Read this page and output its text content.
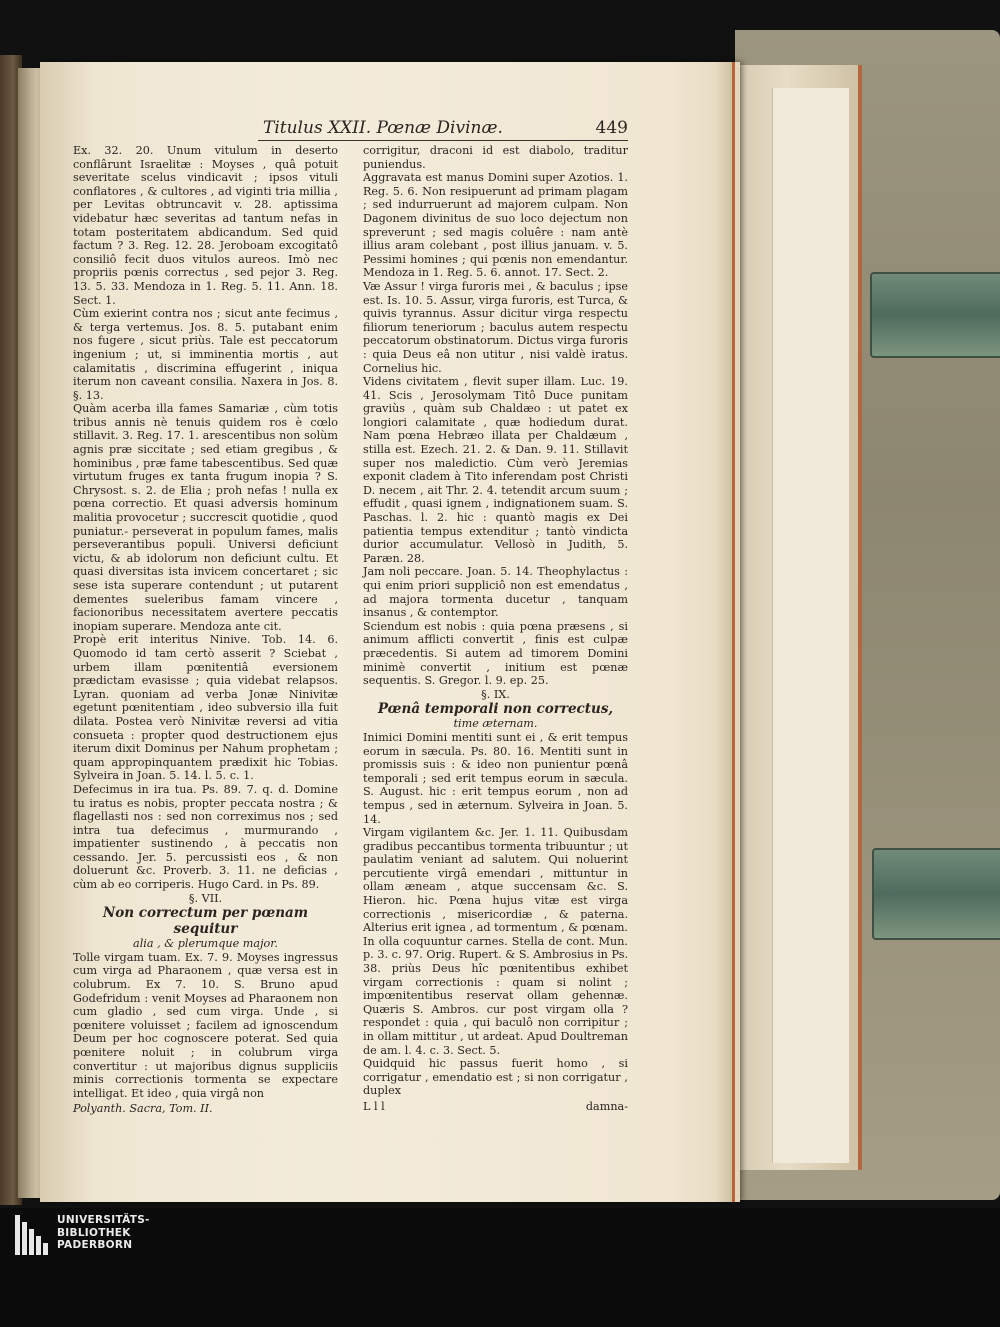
Titulus XXII. Pœnæ Divinæ.	449

Ex. 32. 20. Unum vitulum in deserto conflârunt Israelitæ : Moyses , quâ potuit severitate scelus vindicavit ; ipsos vituli conflatores , & cultores , ad viginti tria millia , per Levitas obtruncavit v. 28. aptissima videbatur hæc severitas ad tantum nefas in totam posteritatem abdicandum. Sed quid factum ? 3. Reg. 12. 28. Jeroboam excogitatô consiliô fecit duos vitulos aureos. Imò nec propriis pœnis correctus , sed pejor 3. Reg. 13. 5. 33. Mendoza in 1. Reg. 5. 11. Ann. 18. Sect. 1.

Cùm exierint contra nos ; sicut ante fecimus , & terga vertemus. Jos. 8. 5. putabant enim nos fugere , sicut priùs. Tale est peccatorum ingenium ; ut, si imminentia mortis , aut calamitatis , discrimina effugerint , iniqua iterum non caveant consilia. Naxera in Jos. 8. §. 13.

Quàm acerba illa fames Samariæ , cùm totis tribus annis nè tenuis quidem ros è cœlo stillavit. 3. Reg. 17. 1. arescentibus non solùm agnis præ siccitate ; sed etiam gregibus , & hominibus , præ fame tabescentibus. Sed quæ virtutum fruges ex tanta frugum inopia ? S. Chrysost. s. 2. de Elia ; proh nefas ! nulla ex pœna correctio. Et quasi adversis hominum malitia provocetur ; succrescit quotidie , quod puniatur.- perseverat in populum fames, malis perseverantibus populi. Universi deficiunt victu, & ab idolorum non deficiunt cultu. Et quasi diversitas ista invicem concertaret ; sic sese ista superare contendunt ; ut putarent dementes sueleribus famam vincere , facionoribus necessitatem avertere peccatis inopiam superare. Mendoza ante cit.

Propè erit interitus Ninive. Tob. 14. 6. Quomodo id tam certò asserit ? Sciebat , urbem illam pœnitentiâ eversionem prædictam evasisse ; quia videbat relapsos. Lyran. quoniam ad verba Jonæ Ninivitæ egetunt pœnitentiam , ideo subversio illa fuit dilata. Postea verò Ninivitæ reversi ad vitia consueta : propter quod destructionem ejus iterum dixit Dominus per Nahum prophetam ; quam appropinquantem prædixit hic Tobias. Sylveira in Joan. 5. 14. l. 5. c. 1.

Defecimus in ira tua. Ps. 89. 7. q. d. Domine tu iratus es nobis, propter peccata nostra ; & flagellasti nos : sed non correximus nos ; sed intra tua defecimus , murmurando , impatienter sustinendo , à peccatis non cessando. Jer. 5. percussisti eos , & non doluerunt &c. Proverb. 3. 11. ne deficias , cùm ab eo corriperis. Hugo Card. in Ps. 89.

§. VII.

Non correctum per pœnam sequitur

alia , & plerumque major.

Tolle virgam tuam. Ex. 7. 9. Moyses ingressus cum virga ad Pharaonem , quæ versa est in colubrum. Ex 7. 10. S. Bruno apud Godefridum : venit Moyses ad Pharaonem non cum gladio , sed cum virga. Unde , si pœnitere voluisset ; facilem ad ignoscendum Deum per hoc cognoscere poterat. Sed quia pœnitere noluit ; in colubrum virga convertitur : ut majoribus dignus suppliciis minis correctionis tormenta se expectare intelligat. Et ideo , quia virgâ non

Polyanth. Sacra, Tom. II.

corrigitur, draconi id est diabolo, traditur puniendus.

Aggravata est manus Domini super Azotios. 1. Reg. 5. 6. Non resipuerunt ad primam plagam ; sed indurruerunt ad majorem culpam. Non Dagonem divinitus de suo loco dejectum non spreverunt ; sed magis coluêre : nam antè illius aram colebant , post illius januam. v. 5. Pessimi homines ; qui pœnis non emendantur. Mendoza in 1. Reg. 5. 6. annot. 17. Sect. 2.

Væ Assur ! virga furoris mei , & baculus ; ipse est. Is. 10. 5. Assur, virga furoris, est Turca, & quivis tyrannus. Assur dicitur virga respectu filiorum teneriorum ; baculus autem respectu peccatorum obstinatorum. Dictus virga furoris : quia Deus eâ non utitur , nisi valdè iratus. Cornelius hic.

Videns civitatem , flevit super illam. Luc. 19. 41. Scis , Jerosolymam Titô Duce punitam graviùs , quàm sub Chaldæo : ut patet ex longiori calamitate , quæ hodiedum durat. Nam pœna Hebræo illata per Chaldæum , stilla est. Ezech. 21. 2. & Dan. 9. 11. Stillavit super nos maledictio. Cùm verò Jeremias exponit cladem à Tito inferendam post Christi D. necem , ait Thr. 2. 4. tetendit arcum suum ; effudit , quasi ignem , indignationem suam. S. Paschas. l. 2. hic : quantò magis ex Dei patientia tempus extenditur ; tantò vindicta durior accumulatur. Vellosò in Judith, 5. Paræn. 28.

Jam noli peccare. Joan. 5. 14. Theophylactus : qui enim priori suppliciô non est emendatus , ad majora tormenta ducetur , tanquam insanus , & contemptor.

Sciendum est nobis : quia pœna præsens , si animum afflicti convertit , finis est culpæ præcedentis. Si autem ad timorem Domini minimè convertit , initium est pœnæ sequentis. S. Gregor. l. 9. ep. 25.

§. IX.

Pœnâ temporali non correctus,

time æternam.

Inimici Domini mentiti sunt ei , & erit tempus eorum in sæcula. Ps. 80. 16. Mentiti sunt in promissis suis : & ideo non punientur pœnâ temporali ; sed erit tempus eorum in sæcula. S. August. hic : erit tempus eorum , non ad tempus , sed in æternum. Sylveira in Joan. 5. 14.

Virgam vigilantem &c. Jer. 1. 11. Quibusdam gradibus peccantibus tormenta tribuuntur ; ut paulatim veniant ad salutem. Qui noluerint percutiente virgâ emendari , mittuntur in ollam æneam , atque succensam &c. S. Hieron. hic. Pœna hujus vitæ est virga correctionis , misericordiæ , & paterna. Alterius erit ignea , ad tormentum , & pœnam. In olla coquuntur carnes. Stella de cont. Mun. p. 3. c. 97. Orig. Rupert. & S. Ambrosius in Ps. 38. priùs Deus hîc pœnitentibus exhibet virgam correctionis : quam si nolint ; impœnitentibus reservat ollam gehennæ. Quæris S. Ambros. cur post virgam olla ? respondet : quia , qui baculô non corripitur ; in ollam mittitur , ut ardeat. Apud Doultreman de am. l. 4. c. 3. Sect. 5.

Quidquid hic passus fuerit homo , si corrigatur , emendatio est ; si non corrigatur , duplex

L l l	damna-
UNIVERSITÄTS-
BIBLIOTHEK
PADERBORN
